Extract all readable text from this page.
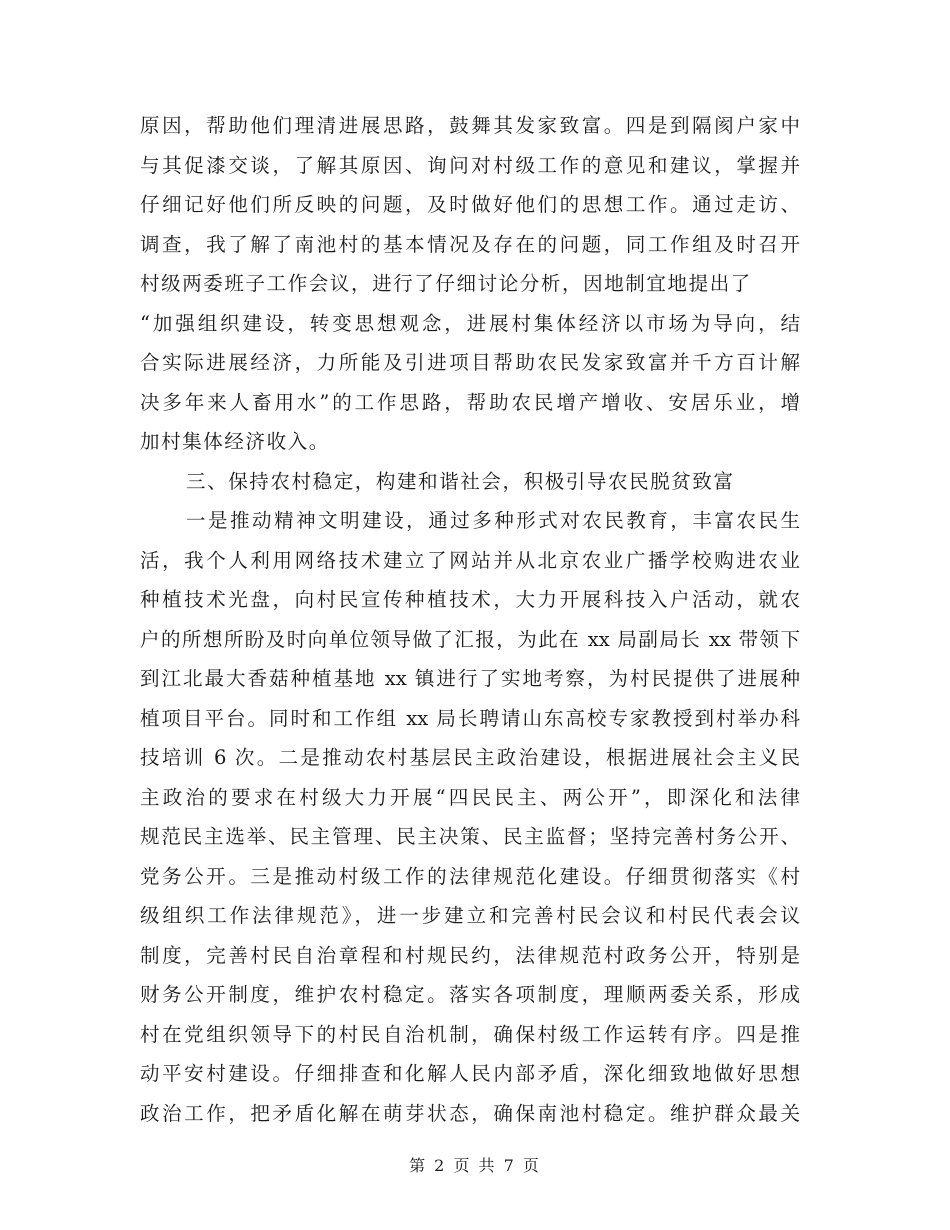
原因，帮助他们理清进展思路，鼓舞其发家致富。四是到隔阂户家中
与其促漆交谈，了解其原因、询问对村级工作的意见和建议，掌握并
仔细记好他们所反映的问题，及时做好他们的思想工作。通过走访、
调查，我了解了南池村的基本情况及存在的问题，同工作组及时召开
村级两委班子工作会议，进行了仔细讨论分析，因地制宜地提出了
“加强组织建设，转变思想观念，进展村集体经济以市场为导向，结
合实际进展经济，力所能及引进项目帮助农民发家致富并千方百计解
决多年来人畜用水”的工作思路，帮助农民增产增收、安居乐业，增
加村集体经济收入。
三、保持农村稳定，构建和谐社会，积极引导农民脱贫致富
一是推动精神文明建设，通过多种形式对农民教育，丰富农民生
活，我个人利用网络技术建立了网站并从北京农业广播学校购进农业
种植技术光盘，向村民宣传种植技术，大力开展科技入户活动，就农
户的所想所盼及时向单位领导做了汇报，为此在 xx 局副局长 xx 带领下
到江北最大香菇种植基地 xx 镇进行了实地考察，为村民提供了进展种
植项目平台。同时和工作组 xx 局长聘请山东高校专家教授到村举办科
技培训 6 次。二是推动农村基层民主政治建设，根据进展社会主义民
主政治的要求在村级大力开展“四民民主、两公开”，即深化和法律
规范民主选举、民主管理、民主决策、民主监督；坚持完善村务公开、
党务公开。三是推动村级工作的法律规范化建设。仔细贯彻落实《村
级组织工作法律规范》，进一步建立和完善村民会议和村民代表会议
制度，完善村民自治章程和村规民约，法律规范村政务公开，特别是
财务公开制度，维护农村稳定。落实各项制度，理顺两委关系，形成
村在党组织领导下的村民自治机制，确保村级工作运转有序。四是推
动平安村建设。仔细排查和化解人民内部矛盾，深化细致地做好思想
政治工作，把矛盾化解在萌芽状态，确保南池村稳定。维护群众最关
第 2 页 共 7 页
